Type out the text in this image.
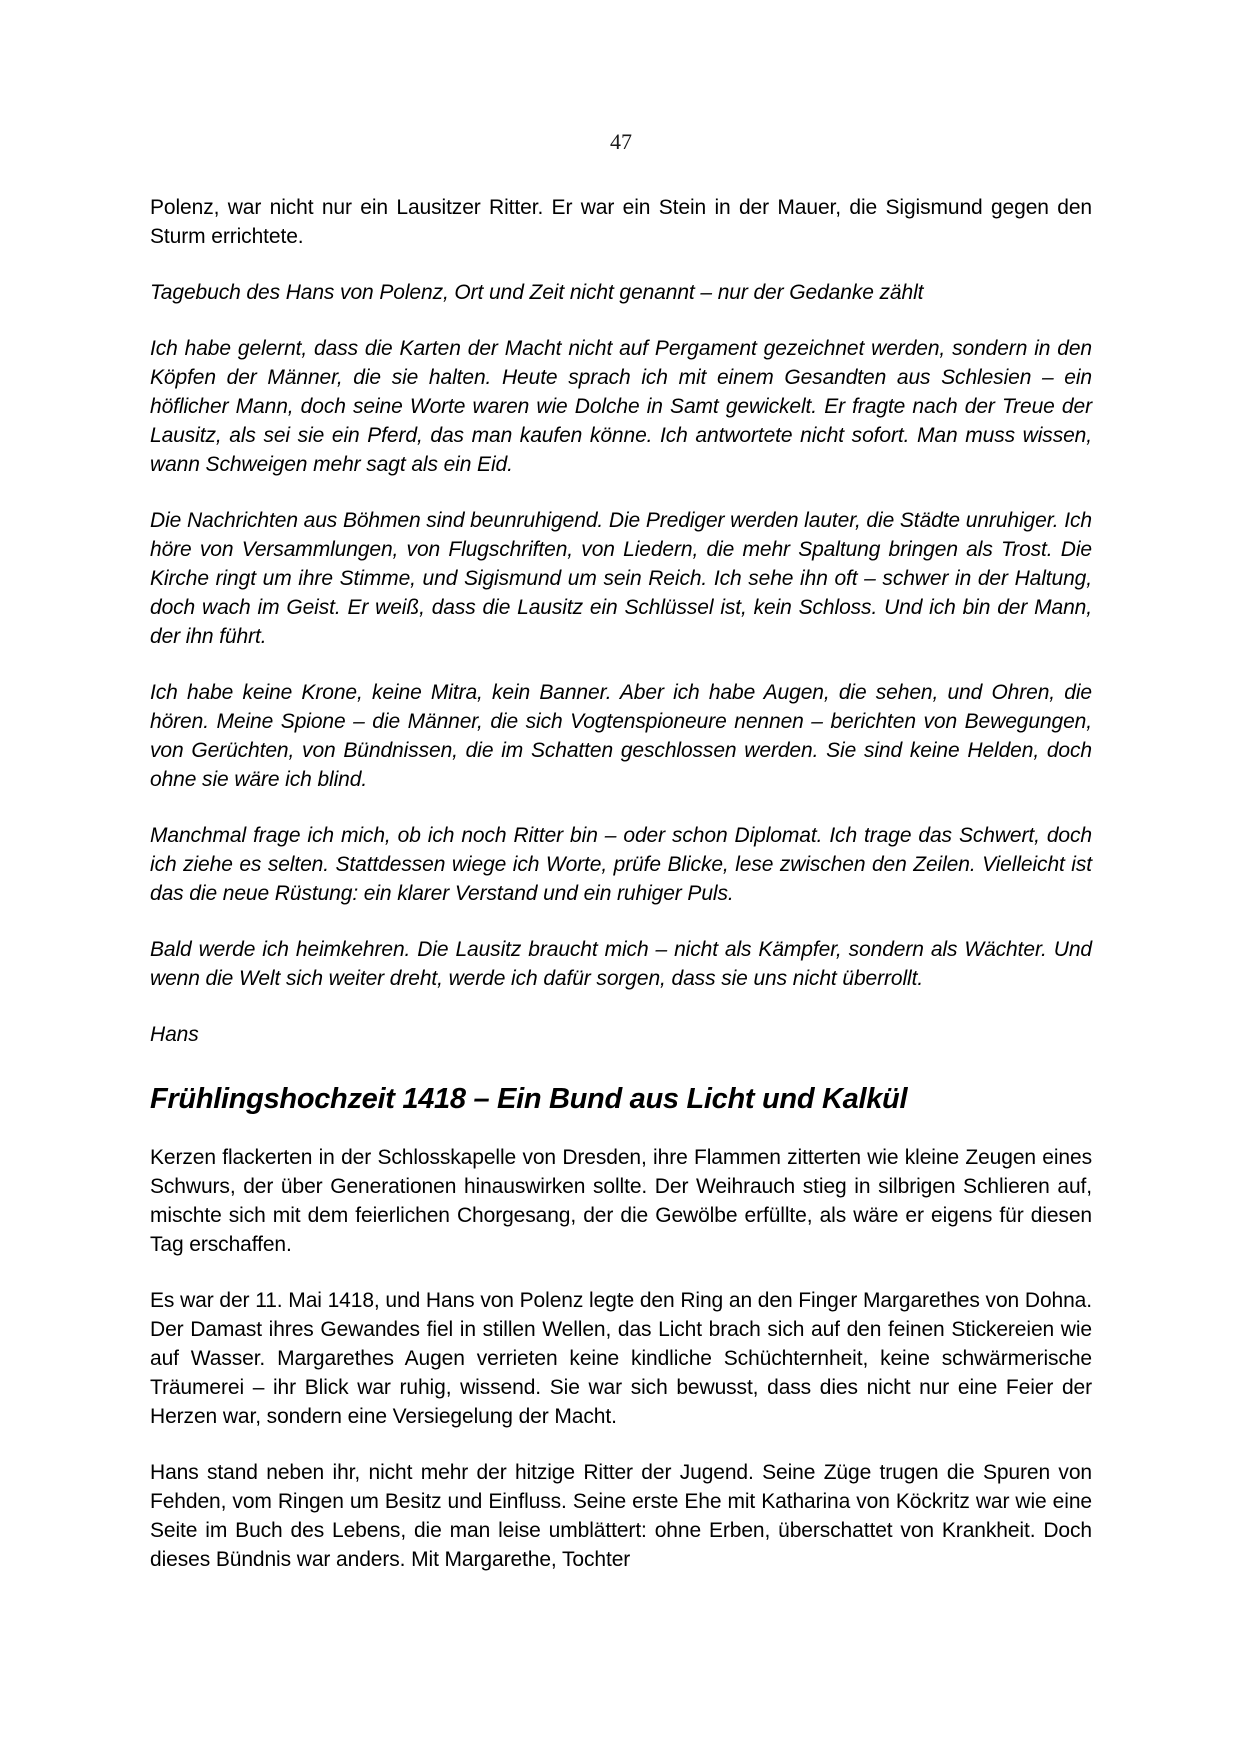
47

Polenz, war nicht nur ein Lausitzer Ritter. Er war ein Stein in der Mauer, die Sigismund gegen den Sturm errichtete.

Tagebuch des Hans von Polenz, Ort und Zeit nicht genannt – nur der Gedanke zählt

Ich habe gelernt, dass die Karten der Macht nicht auf Pergament gezeichnet werden, sondern in den Köpfen der Männer, die sie halten. Heute sprach ich mit einem Gesandten aus Schlesien – ein höflicher Mann, doch seine Worte waren wie Dolche in Samt gewickelt. Er fragte nach der Treue der Lausitz, als sei sie ein Pferd, das man kaufen könne. Ich antwortete nicht sofort. Man muss wissen, wann Schweigen mehr sagt als ein Eid.

Die Nachrichten aus Böhmen sind beunruhigend. Die Prediger werden lauter, die Städte unruhiger. Ich höre von Versammlungen, von Flugschriften, von Liedern, die mehr Spaltung bringen als Trost. Die Kirche ringt um ihre Stimme, und Sigismund um sein Reich. Ich sehe ihn oft – schwer in der Haltung, doch wach im Geist. Er weiß, dass die Lausitz ein Schlüssel ist, kein Schloss. Und ich bin der Mann, der ihn führt.

Ich habe keine Krone, keine Mitra, kein Banner. Aber ich habe Augen, die sehen, und Ohren, die hören. Meine Spione – die Männer, die sich Vogtenspioneure nennen – berichten von Bewegungen, von Gerüchten, von Bündnissen, die im Schatten geschlossen werden. Sie sind keine Helden, doch ohne sie wäre ich blind.

Manchmal frage ich mich, ob ich noch Ritter bin – oder schon Diplomat. Ich trage das Schwert, doch ich ziehe es selten. Stattdessen wiege ich Worte, prüfe Blicke, lese zwischen den Zeilen. Vielleicht ist das die neue Rüstung: ein klarer Verstand und ein ruhiger Puls.

Bald werde ich heimkehren. Die Lausitz braucht mich – nicht als Kämpfer, sondern als Wächter. Und wenn die Welt sich weiter dreht, werde ich dafür sorgen, dass sie uns nicht überrollt.

Hans

Frühlingshochzeit 1418 – Ein Bund aus Licht und Kalkül

Kerzen flackerten in der Schlosskapelle von Dresden, ihre Flammen zitterten wie kleine Zeugen eines Schwurs, der über Generationen hinauswirken sollte. Der Weihrauch stieg in silbrigen Schlieren auf, mischte sich mit dem feierlichen Chorgesang, der die Gewölbe erfüllte, als wäre er eigens für diesen Tag erschaffen.

Es war der 11. Mai 1418, und Hans von Polenz legte den Ring an den Finger Margarethes von Dohna. Der Damast ihres Gewandes fiel in stillen Wellen, das Licht brach sich auf den feinen Stickereien wie auf Wasser. Margarethes Augen verrieten keine kindliche Schüchternheit, keine schwärmerische Träumerei – ihr Blick war ruhig, wissend. Sie war sich bewusst, dass dies nicht nur eine Feier der Herzen war, sondern eine Versiegelung der Macht.

Hans stand neben ihr, nicht mehr der hitzige Ritter der Jugend. Seine Züge trugen die Spuren von Fehden, vom Ringen um Besitz und Einfluss. Seine erste Ehe mit Katharina von Köckritz war wie eine Seite im Buch des Lebens, die man leise umblättert: ohne Erben, überschattet von Krankheit. Doch dieses Bündnis war anders. Mit Margarethe, Tochter
